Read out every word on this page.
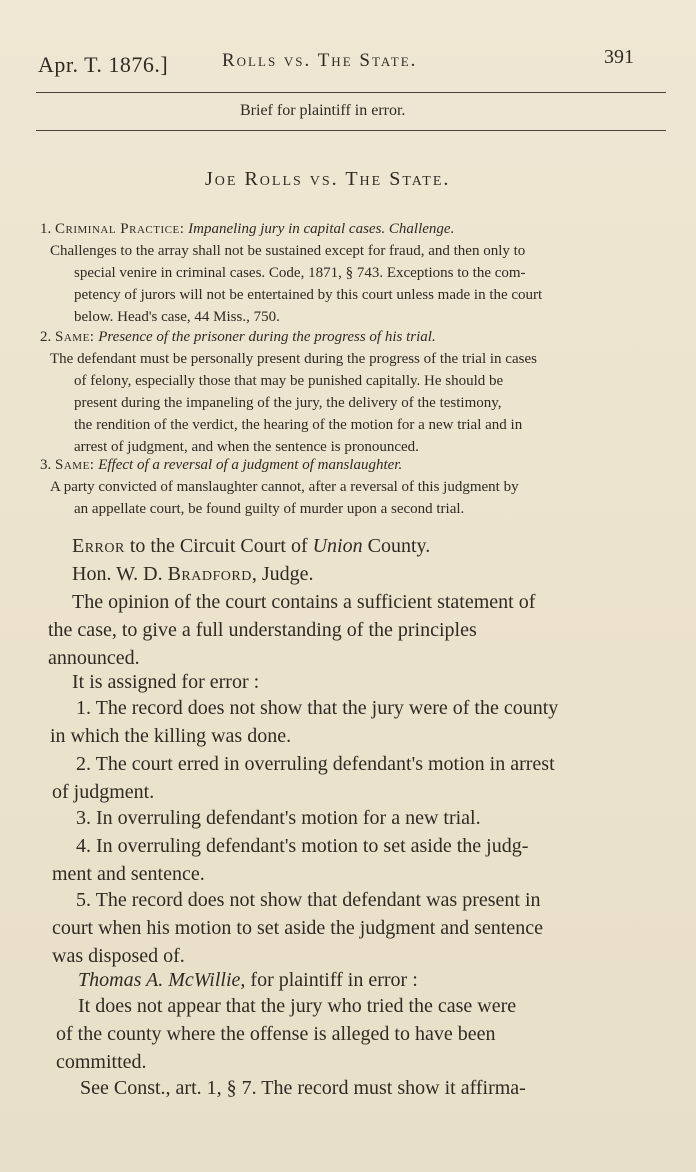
Apr. T. 1876.]	Rolls vs. The State.	391
Brief for plaintiff in error.
Joe Rolls vs. The State.
1. Criminal Practice: Impaneling jury in capital cases. Challenge.
Challenges to the array shall not be sustained except for fraud, and then only to
special venire in criminal cases. Code, 1871, § 743. Exceptions to the com-
petency of jurors will not be entertained by this court unless made in the court
below. Head's case, 44 Miss., 750.
2. Same: Presence of the prisoner during the progress of his trial.
The defendant must be personally present during the progress of the trial in cases
of felony, especially those that may be punished capitally. He should be
present during the impaneling of the jury, the delivery of the testimony,
the rendition of the verdict, the hearing of the motion for a new trial and in
arrest of judgment, and when the sentence is pronounced.
3. Same: Effect of a reversal of a judgment of manslaughter.
A party convicted of manslaughter cannot, after a reversal of this judgment by
an appellate court, be found guilty of murder upon a second trial.
Error to the Circuit Court of Union County.
Hon. W. D. Bradford, Judge.
The opinion of the court contains a sufficient statement of
the case, to give a full understanding of the principles
announced.
It is assigned for error :
1. The record does not show that the jury were of the county
in which the killing was done.
2. The court erred in overruling defendant's motion in arrest
of judgment.
3. In overruling defendant's motion for a new trial.
4. In overruling defendant's motion to set aside the judg-
ment and sentence.
5. The record does not show that defendant was present in
court when his motion to set aside the judgment and sentence
was disposed of.
Thomas A. McWillie, for plaintiff in error :
It does not appear that the jury who tried the case were
of the county where the offense is alleged to have been
committed.
See Const., art. 1, § 7. The record must show it affirma-
